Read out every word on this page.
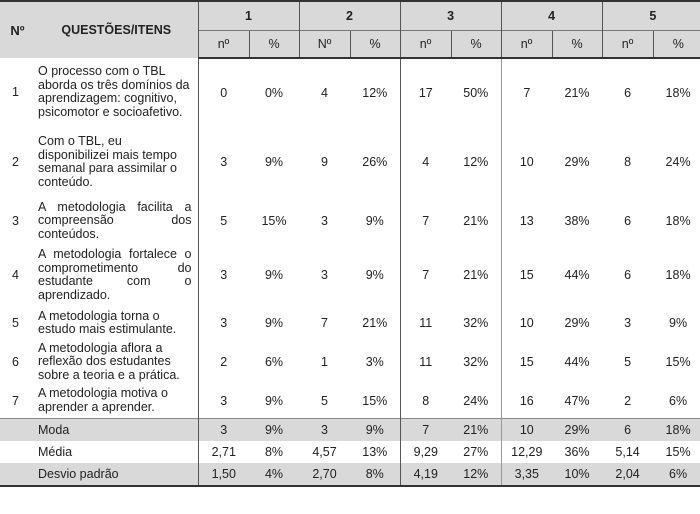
Nº	QUESTÕES/ITENS	1		2		3		4		5	
		nº	%	Nº	%	nº	%	nº	%	nº	%
1	O processo com o TBL aborda os três domínios da aprendizagem: cognitivo, psicomotor e socioafetivo.	0	0%	4	12%	17	50%	7	21%	6	18%
2	Com o TBL, eu disponibilizei mais tempo semanal para assimilar o conteúdo.	3	9%	9	26%	4	12%	10	29%	8	24%
3	A metodologia facilita a compreensão dos conteúdos.	5	15%	3	9%	7	21%	13	38%	6	18%
4	A metodologia fortalece o comprometimento do estudante com o aprendizado.	3	9%	3	9%	7	21%	15	44%	6	18%
5	A metodologia torna o estudo mais estimulante.	3	9%	7	21%	11	32%	10	29%	3	9%
6	A metodologia aflora a reflexão dos estudantes sobre a teoria e a prática.	2	6%	1	3%	11	32%	15	44%	5	15%
7	A metodologia motiva o aprender a aprender.	3	9%	5	15%	8	24%	16	47%	2	6%
	Moda	3	9%	3	9%	7	21%	10	29%	6	18%
	Média	2,71	8%	4,57	13%	9,29	27%	12,29	36%	5,14	15%
	Desvio padrão	1,50	4%	2,70	8%	4,19	12%	3,35	10%	2,04	6%
